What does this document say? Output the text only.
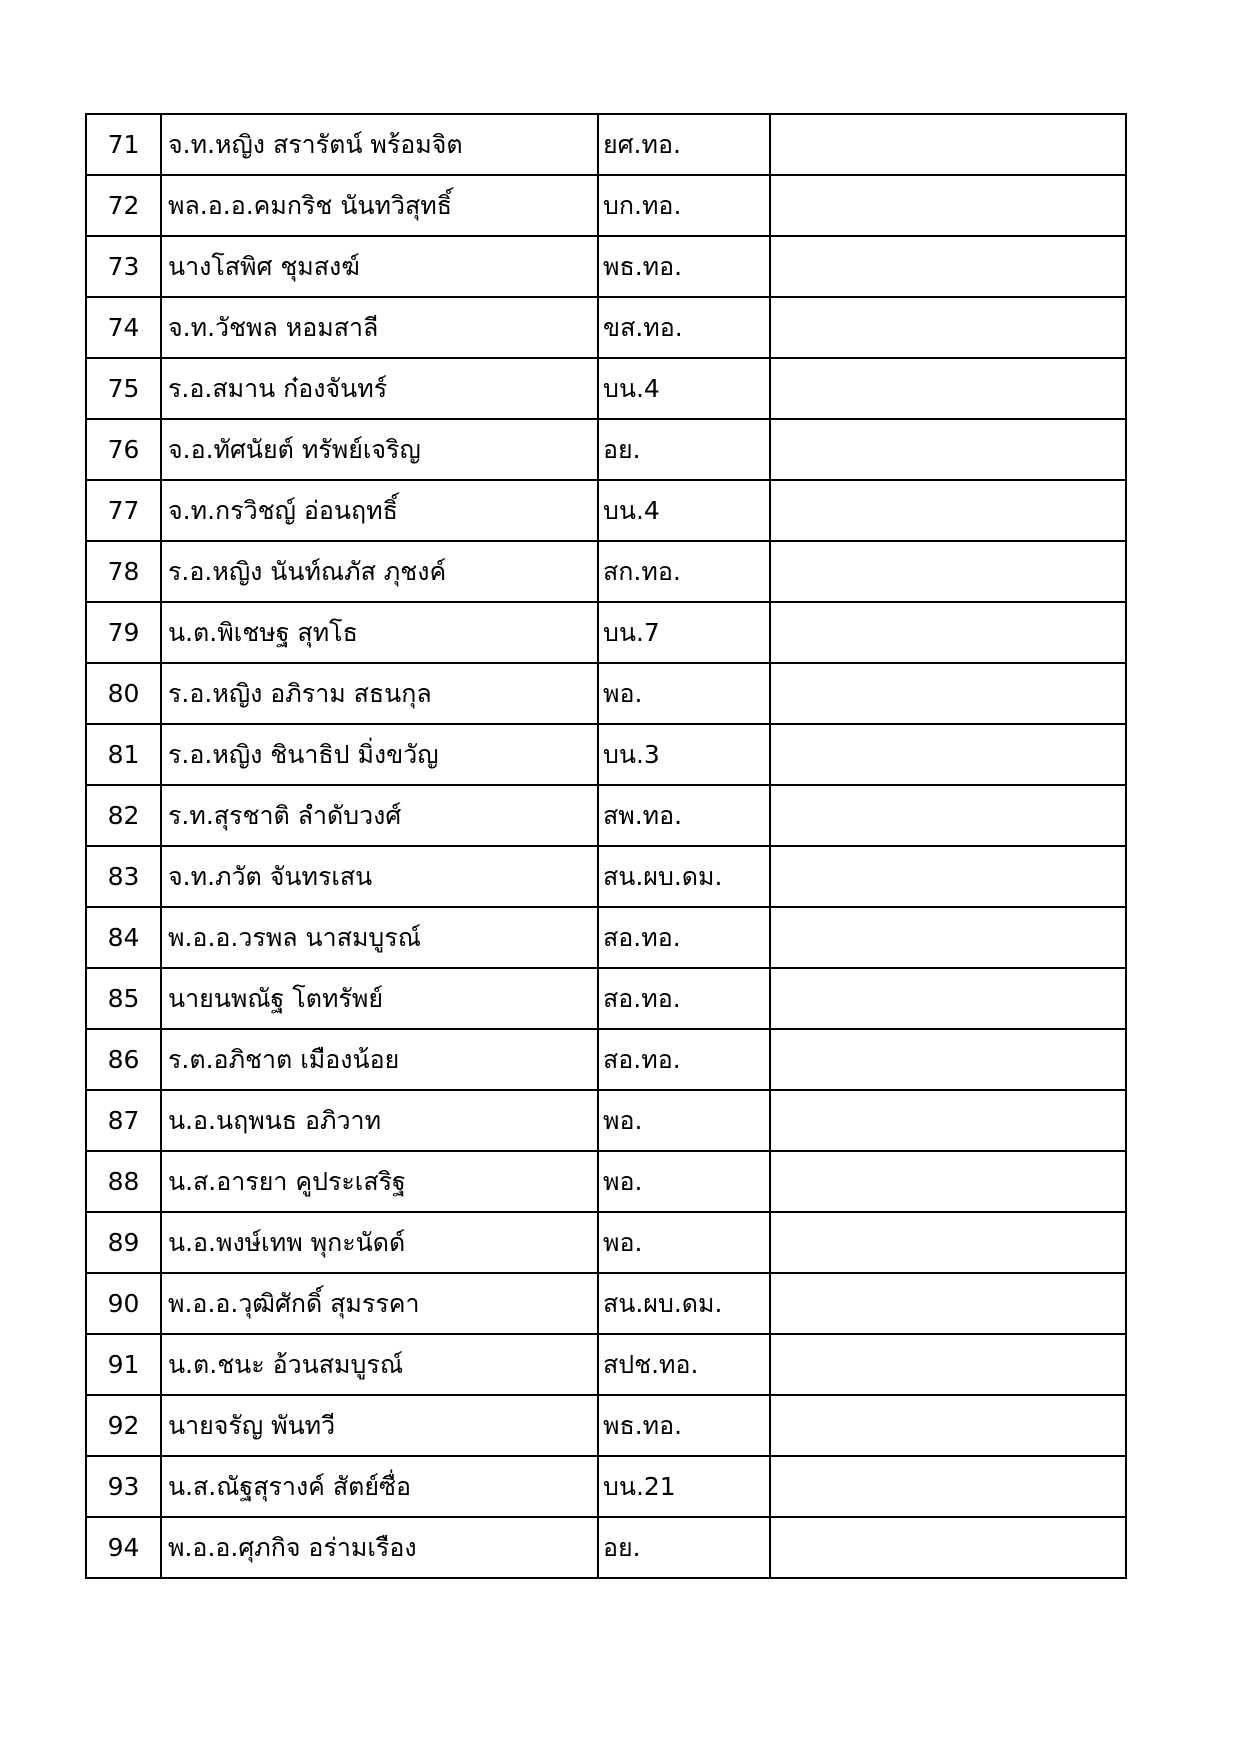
71	จ.ท.หญิง สรารัตน์ พร้อมจิต	ยศ.ทอ.	
72	พล.อ.อ.คมกริช นันทวิสุทธิ์	บก.ทอ.	
73	นางโสพิศ ชุมสงฆ์	พธ.ทอ.	
74	จ.ท.วัชพล หอมสาลี	ขส.ทอ.	
75	ร.อ.สมาน ก๋องจันทร์	บน.4	
76	จ.อ.ทัศนัยต์ ทรัพย์เจริญ	อย.	
77	จ.ท.กรวิชญ์ อ่อนฤทธิ์	บน.4	
78	ร.อ.หญิง นันท์ณภัส ภุชงค์	สก.ทอ.	
79	น.ต.พิเชษฐ สุทโธ	บน.7	
80	ร.อ.หญิง อภิราม สธนกุล	พอ.	
81	ร.อ.หญิง ชินาธิป มิ่งขวัญ	บน.3	
82	ร.ท.สุรชาติ ลำดับวงศ์	สพ.ทอ.	
83	จ.ท.ภวัต จันทรเสน	สน.ผบ.ดม.	
84	พ.อ.อ.วรพล นาสมบูรณ์	สอ.ทอ.	
85	นายนพณัฐ โตทรัพย์	สอ.ทอ.	
86	ร.ต.อภิชาต เมืองน้อย	สอ.ทอ.	
87	น.อ.นฤพนธ อภิวาท	พอ.	
88	น.ส.อารยา คูประเสริฐ	พอ.	
89	น.อ.พงษ์เทพ พุกะนัดด์	พอ.	
90	พ.อ.อ.วุฒิศักดิ์ สุมรรคา	สน.ผบ.ดม.	
91	น.ต.ชนะ อ้วนสมบูรณ์	สปช.ทอ.	
92	นายจรัญ พันทวี	พธ.ทอ.	
93	น.ส.ณัฐสุรางค์ สัตย์ซื่อ	บน.21	
94	พ.อ.อ.ศุภกิจ อร่ามเรือง	อย.	
